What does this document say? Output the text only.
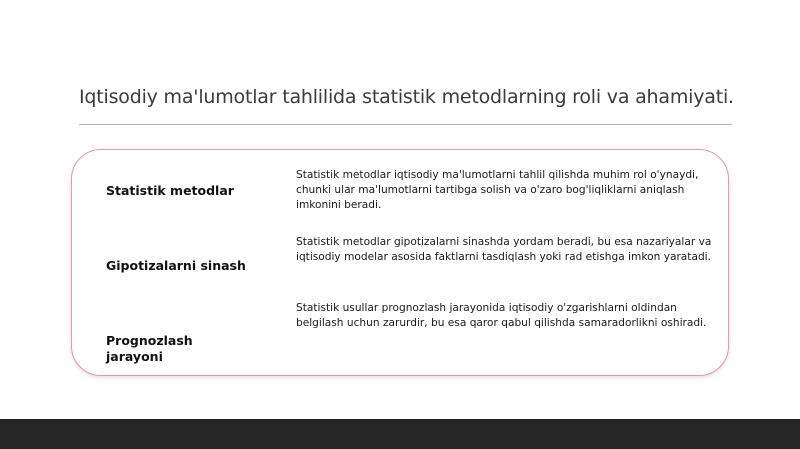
Iqtisodiy ma'lumotlar tahlilida statistik metodlarning roli va ahamiyati.
Statistik metodlar
Statistik metodlar iqtisodiy ma'lumotlarni tahlil qilishda muhim rol o'ynaydi, chunki ular ma'lumotlarni tartibga solish va o'zaro bog'liqliklarni aniqlash imkonini beradi.
Gipotizalarni sinash
Statistik metodlar gipotizalarni sinashda yordam beradi, bu esa nazariyalar va iqtisodiy modelar asosida faktlarni tasdiqlash yoki rad etishga imkon yaratadi.
Prognozlash jarayoni
Statistik usullar prognozlash jarayonida iqtisodiy o'zgarishlarni oldindan belgilash uchun zarurdir, bu esa qaror qabul qilishda samaradorlikni oshiradi.
